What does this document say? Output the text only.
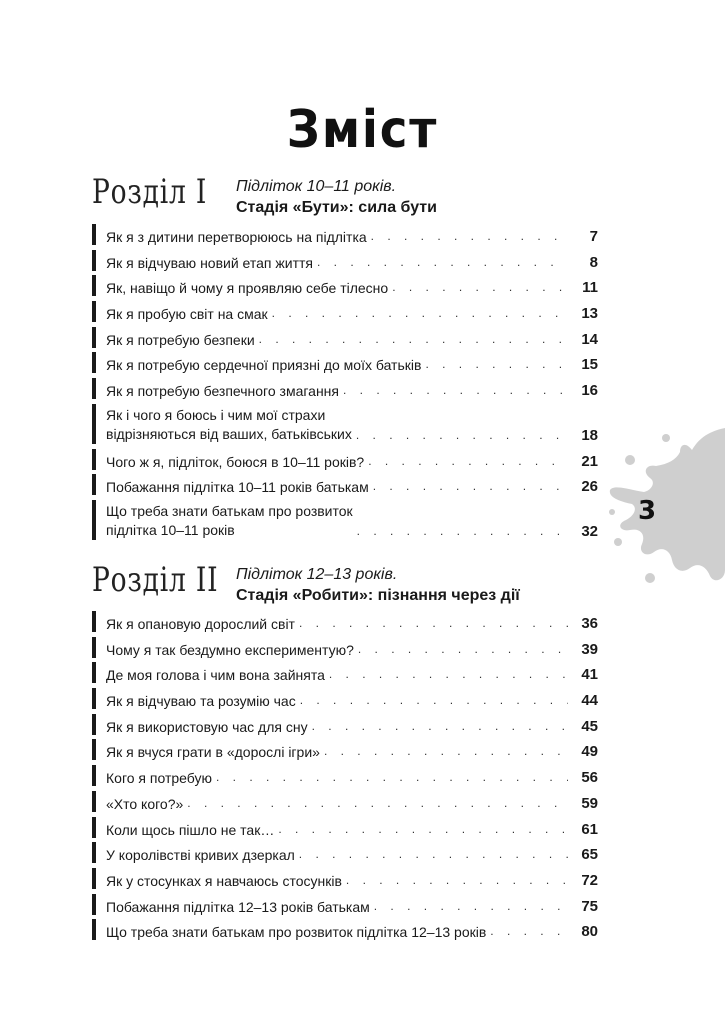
Зміст
Розділ I Підліток 10–11 років.
Стадія «Бути»: сила бути
Як я з дитини перетворююсь на підлітка . . .	7
Як я відчуваю новий етап життя . . .	8
Як, навіщо й чому я проявляю себе тілесно . . .	11
Як я пробую світ на смак . . .	13
Як я потребую безпеки . . .	14
Як я потребую сердечної приязні до моїх батьків . . .	15
Як я потребую безпечного змагання . . .	16
Як і чого я боюсь і чим мої страхи
відрізняються від ваших, батьківських . . .	18
Чого ж я, підліток, боюся в 10–11 років? . . .	21
Побажання підлітка 10–11 років батькам . . .	26
Що треба знати батькам про розвиток
підлітка 10–11 років . . .	32
Розділ II Підліток 12–13 років.
Стадія «Робити»: пізнання через дії
Як я опановую дорослий світ . . .	36
Чому я так бездумно експериментую? . . .	39
Де моя голова і чим вона зайнята . . .	41
Як я відчуваю та розумію час . . .	44
Як я використовую час для сну . . .	45
Як я вчуся грати в «дорослі ігри» . . .	49
Кого я потребую . . .	56
«Хто кого?» . . .	59
Коли щось пішло не так… . . .	61
У королівстві кривих дзеркал . . .	65
Як у стосунках я навчаюсь стосунків . . .	72
Побажання підлітка 12–13 років батькам . . .	75
Що треба знати батькам про розвиток підлітка 12–13 років . . .	80
3
